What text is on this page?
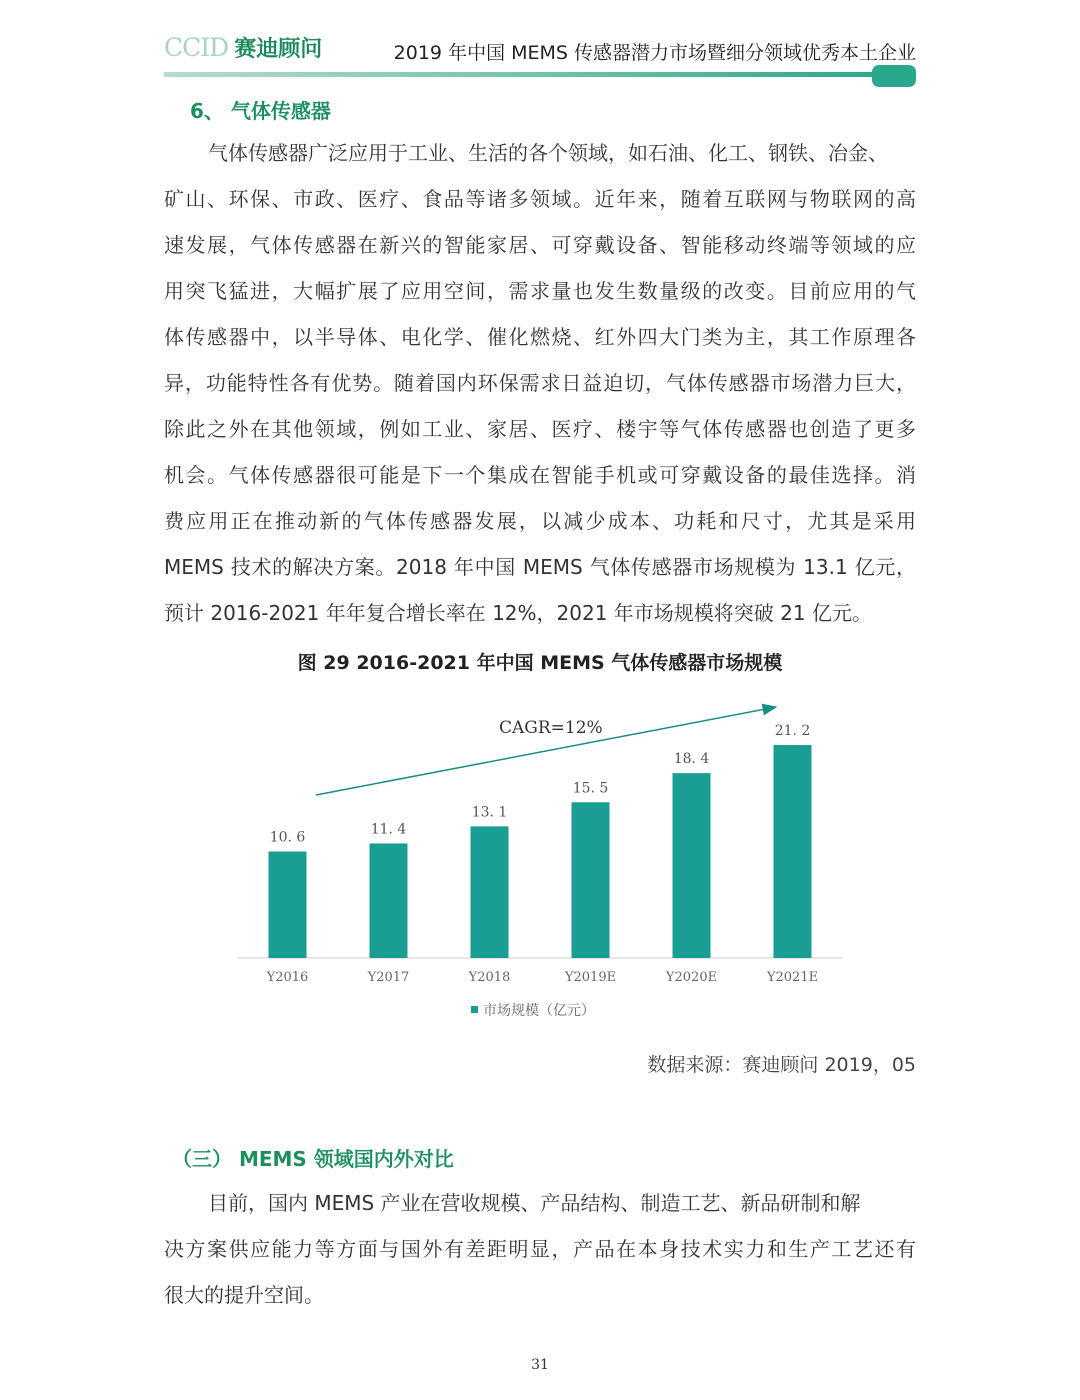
CCID 赛迪顾问	2019 年中国 MEMS 传感器潜力市场暨细分领域优秀本土企业
6、 气体传感器
气体传感器广泛应用于工业、生活的各个领域，如石油、化工、钢铁、冶金、
矿山、环保、市政、医疗、食品等诸多领域。近年来，随着互联网与物联网的高
速发展，气体传感器在新兴的智能家居、可穿戴设备、智能移动终端等领域的应
用突飞猛进，大幅扩展了应用空间，需求量也发生数量级的改变。目前应用的气
体传感器中，以半导体、电化学、催化燃烧、红外四大门类为主，其工作原理各
异，功能特性各有优势。随着国内环保需求日益迫切，气体传感器市场潜力巨大，
除此之外在其他领域，例如工业、家居、医疗、楼宇等气体传感器也创造了更多
机会。气体传感器很可能是下一个集成在智能手机或可穿戴设备的最佳选择。消
费应用正在推动新的气体传感器发展，以减少成本、功耗和尺寸，尤其是采用
MEMS 技术的解决方案。2018 年中国 MEMS 气体传感器市场规模为 13.1 亿元，
预计 2016-2021 年年复合增长率在 12%，2021 年市场规模将突破 21 亿元。
图 29 2016-2021 年中国 MEMS 气体传感器市场规模
10. 6
Y2016
11. 4
Y2017
13. 1
Y2018
15. 5
Y2019E
18. 4
Y2020E
21. 2
Y2021E
CAGR=12%
市场规模（亿元）
数据来源：赛迪顾问 2019，05
（三） MEMS 领域国内外对比
目前，国内 MEMS 产业在营收规模、产品结构、制造工艺、新品研制和解
决方案供应能力等方面与国外有差距明显，产品在本身技术实力和生产工艺还有
很大的提升空间。
31
